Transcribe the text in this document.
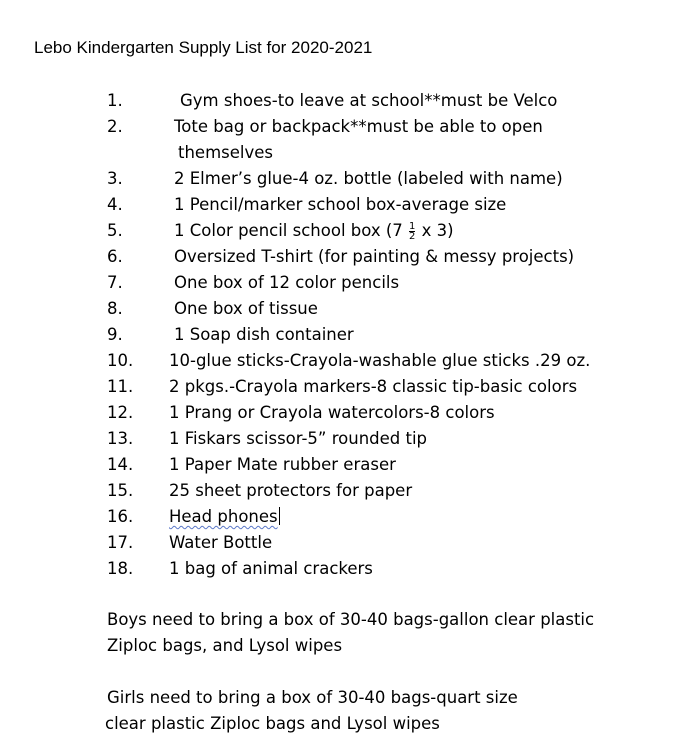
Lebo Kindergarten Supply List for 2020-2021
1.	Gym shoes-to leave at school**must be Velco
2.	Tote bag or backpack**must be able to open
themselves
3.	2 Elmer’s glue-4 oz. bottle (labeled with name)
4.	1 Pencil/marker school box-average size
5.	1 Color pencil school box ($7 \frac{1}{2}$ x 3)
6.	Oversized T-shirt (for painting & messy projects)
7.	One box of 12 color pencils
8.	One box of tissue
9.	1 Soap dish container
10. 10-glue sticks-Crayola-washable glue sticks .29 oz.
11. 2 pkgs.-Crayola markers-8 classic tip-basic colors
12. 1 Prang or Crayola watercolors-8 colors
13. 1 Fiskars scissor-5” rounded tip
14. 1 Paper Mate rubber eraser
15. 25 sheet protectors for paper
16. Head phones
17. Water Bottle
18. 1 bag of animal crackers
Boys need to bring a box of 30-40 bags-gallon clear plastic
Ziploc bags, and Lysol wipes
Girls need to bring a box of 30-40 bags-quart size
clear plastic Ziploc bags and Lysol wipes
